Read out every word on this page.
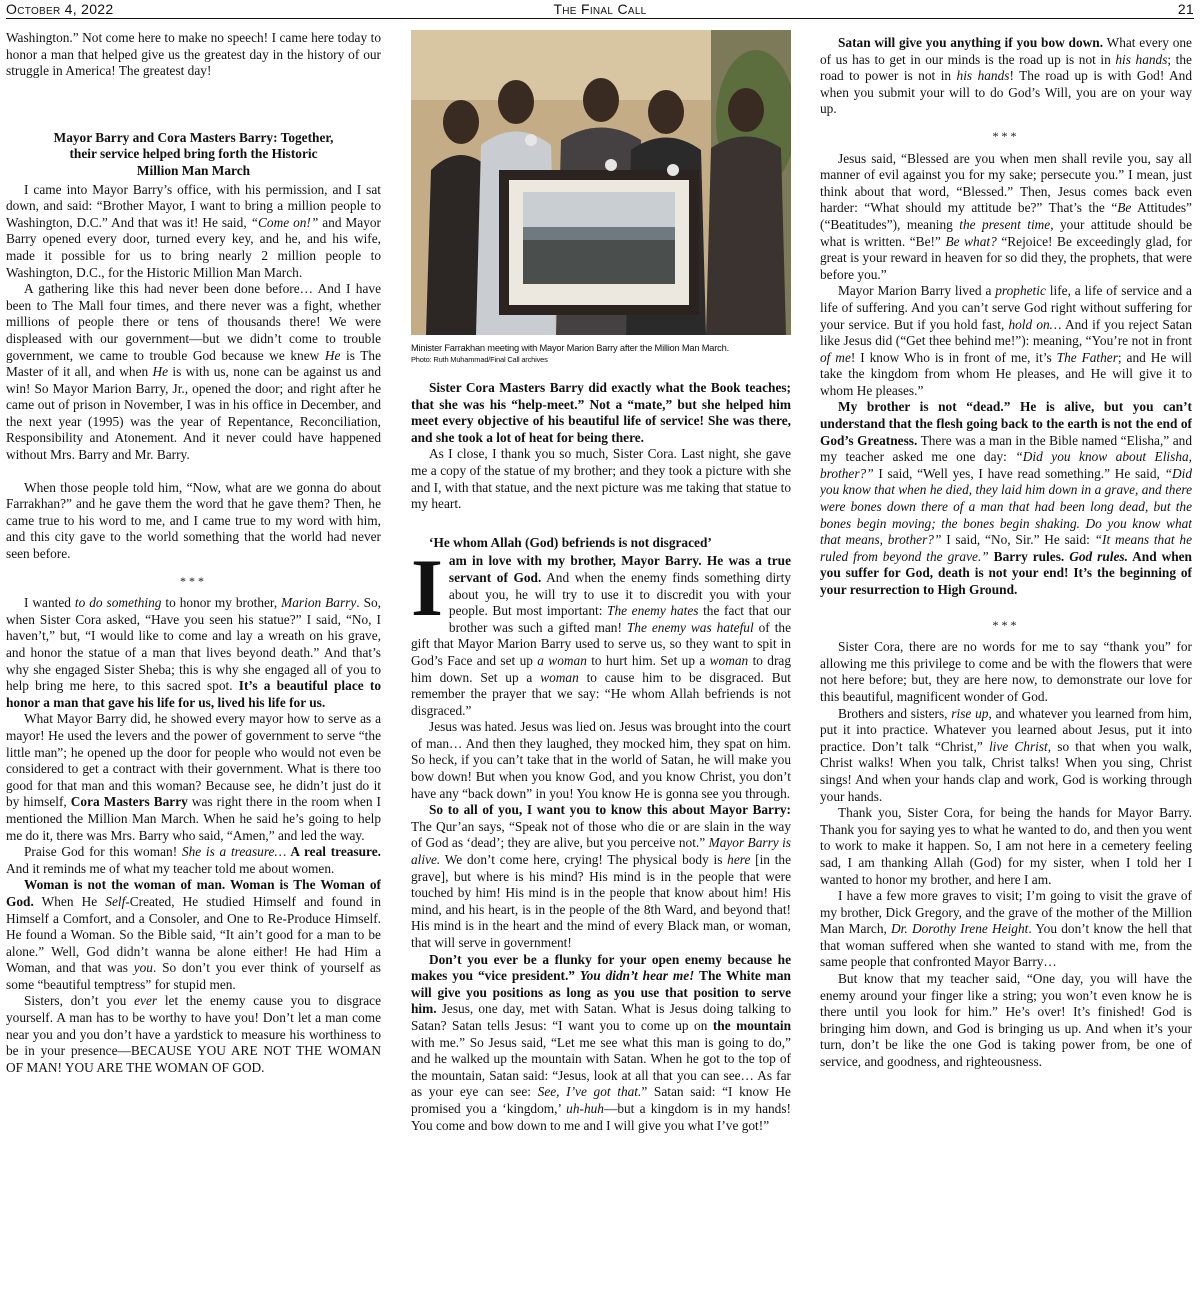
October 4, 2022	The Final Call	21

Washington.” Not come here to make no speech! I came here today to honor a man that helped give us the greatest day in the history of our struggle in America! The greatest day!

Mayor Barry and Cora Masters Barry: Together,
their service helped bring forth the Historic
Million Man March

I came into Mayor Barry’s office, with his permission, and I sat down, and said: “Brother Mayor, I want to bring a million people to Washington, D.C.” And that was it! He said, “Come on!” and Mayor Barry opened every door, turned every key, and he, and his wife, made it possible for us to bring nearly 2 million people to Washington, D.C., for the Historic Million Man March.

A gathering like this had never been done before… And I have been to The Mall four times, and there never was a fight, whether millions of people there or tens of thousands there! We were displeased with our government—but we didn’t come to trouble government, we came to trouble God because we knew He is The Master of it all, and when He is with us, none can be against us and win! So Mayor Marion Barry, Jr., opened the door; and right after he came out of prison in November, I was in his office in December, and the next year (1995) was the year of Repentance, Reconciliation, Responsibility and Atonement. And it never could have happened without Mrs. Barry and Mr. Barry.

When those people told him, “Now, what are we gonna do about Farrakhan?” and he gave them the word that he gave them? Then, he came true to his word to me, and I came true to my word with him, and this city gave to the world something that the world had never seen before.

***

I wanted to do something to honor my brother, Marion Barry. So, when Sister Cora asked, “Have you seen his statue?” I said, “No, I haven’t,” but, “I would like to come and lay a wreath on his grave, and honor the statue of a man that lives beyond death.” And that’s why she engaged Sister Sheba; this is why she engaged all of you to help bring me here, to this sacred spot. It’s a beautiful place to honor a man that gave his life for us, lived his life for us.

What Mayor Barry did, he showed every mayor how to serve as a mayor! He used the levers and the power of government to serve “the little man”; he opened up the door for people who would not even be considered to get a contract with their government. What is there too good for that man and this woman? Because see, he didn’t just do it by himself, Cora Masters Barry was right there in the room when I mentioned the Million Man March. When he said he’s going to help me do it, there was Mrs. Barry who said, “Amen,” and led the way.

Praise God for this woman! She is a treasure… A real treasure. And it reminds me of what my teacher told me about women.

Woman is not the woman of man. Woman is The Woman of God. When He Self-Created, He studied Himself and found in Himself a Comfort, and a Consoler, and One to Re-Produce Himself. He found a Woman. So the Bible said, “It ain’t good for a man to be alone.” Well, God didn’t wanna be alone either! He had Him a Woman, and that was you. So don’t you ever think of yourself as some “beautiful temptress” for stupid men.

Sisters, don’t you ever let the enemy cause you to disgrace yourself. A man has to be worthy to have you! Don’t let a man come near you and you don’t have a yardstick to measure his worthiness to be in your presence—BECAUSE YOU ARE NOT THE WOMAN OF MAN! YOU ARE THE WOMAN OF GOD.

Minister Farrakhan meeting with Mayor Marion Barry after the Million Man March.
Photo: Ruth Muhammad/Final Call archives

Sister Cora Masters Barry did exactly what the Book teaches; that she was his “help-meet.” Not a “mate,” but she helped him meet every objective of his beautiful life of service! She was there, and she took a lot of heat for being there.

As I close, I thank you so much, Sister Cora. Last night, she gave me a copy of the statue of my brother; and they took a picture with she and I, with that statue, and the next picture was me taking that statue to my heart.

‘He whom Allah (God) befriends is not disgraced’

Iam in love with my brother, Mayor Barry. He was a true servant of God. And when the enemy finds something dirty about you, he will try to use it to discredit you with your people. But most important: The enemy hates the fact that our brother was such a gifted man! The enemy was hateful of the gift that Mayor Marion Barry used to serve us, so they want to spit in God’s Face and set up a woman to hurt him. Set up a woman to drag him down. Set up a woman to cause him to be disgraced. But remember the prayer that we say: “He whom Allah befriends is not disgraced.”

Jesus was hated. Jesus was lied on. Jesus was brought into the court of man… And then they laughed, they mocked him, they spat on him. So heck, if you can’t take that in the world of Satan, he will make you bow down! But when you know God, and you know Christ, you don’t have any “back down” in you! You know He is gonna see you through.

So to all of you, I want you to know this about Mayor Barry: The Qur’an says, “Speak not of those who die or are slain in the way of God as ‘dead’; they are alive, but you perceive not.” Mayor Barry is alive. We don’t come here, crying! The physical body is here [in the grave], but where is his mind? His mind is in the people that were touched by him! His mind is in the people that know about him! His mind, and his heart, is in the people of the 8th Ward, and beyond that! His mind is in the heart and the mind of every Black man, or woman, that will serve in government!

Don’t you ever be a flunky for your open enemy because he makes you “vice president.” You didn’t hear me! The White man will give you positions as long as you use that position to serve him. Jesus, one day, met with Satan. What is Jesus doing talking to Satan? Satan tells Jesus: “I want you to come up on the mountain with me.” So Jesus said, “Let me see what this man is going to do,” and he walked up the mountain with Satan. When he got to the top of the mountain, Satan said: “Jesus, look at all that you can see… As far as your eye can see: See, I’ve got that.” Satan said: “I know He promised you a ‘kingdom,’ uh-huh—but a kingdom is in my hands! You come and bow down to me and I will give you what I’ve got!”

Satan will give you anything if you bow down. What every one of us has to get in our minds is the road up is not in his hands; the road to power is not in his hands! The road up is with God! And when you submit your will to do God’s Will, you are on your way up.

***

Jesus said, “Blessed are you when men shall revile you, say all manner of evil against you for my sake; persecute you.” I mean, just think about that word, “Blessed.” Then, Jesus comes back even harder: “What should my attitude be?” That’s the “Be Attitudes” (“Beatitudes”), meaning the present time, your attitude should be what is written. “Be!” Be what? “Rejoice! Be exceedingly glad, for great is your reward in heaven for so did they, the prophets, that were before you.”

Mayor Marion Barry lived a prophetic life, a life of service and a life of suffering. And you can’t serve God right without suffering for your service. But if you hold fast, hold on… And if you reject Satan like Jesus did (“Get thee behind me!”): meaning, “You’re not in front of me! I know Who is in front of me, it’s The Father; and He will take the kingdom from whom He pleases, and He will give it to whom He pleases.”

My brother is not “dead.” He is alive, but you can’t understand that the flesh going back to the earth is not the end of God’s Greatness. There was a man in the Bible named “Elisha,” and my teacher asked me one day: “Did you know about Elisha, brother?” I said, “Well yes, I have read something.” He said, “Did you know that when he died, they laid him down in a grave, and there were bones down there of a man that had been long dead, but the bones begin moving; the bones begin shaking. Do you know what that means, brother?” I said, “No, Sir.” He said: “It means that he ruled from beyond the grave.” Barry rules. God rules. And when you suffer for God, death is not your end! It’s the beginning of your resurrection to High Ground.

***

Sister Cora, there are no words for me to say “thank you” for allowing me this privilege to come and be with the flowers that were not here before; but, they are here now, to demonstrate our love for this beautiful, magnificent wonder of God.

Brothers and sisters, rise up, and whatever you learned from him, put it into practice. Whatever you learned about Jesus, put it into practice. Don’t talk “Christ,” live Christ, so that when you walk, Christ walks! When you talk, Christ talks! When you sing, Christ sings! And when your hands clap and work, God is working through your hands.

Thank you, Sister Cora, for being the hands for Mayor Barry. Thank you for saying yes to what he wanted to do, and then you went to work to make it happen. So, I am not here in a cemetery feeling sad, I am thanking Allah (God) for my sister, when I told her I wanted to honor my brother, and here I am.

I have a few more graves to visit; I’m going to visit the grave of my brother, Dick Gregory, and the grave of the mother of the Million Man March, Dr. Dorothy Irene Height. You don’t know the hell that that woman suffered when she wanted to stand with me, from the same people that confronted Mayor Barry…

But know that my teacher said, “One day, you will have the enemy around your finger like a string; you won’t even know he is there until you look for him.” He’s over! It’s finished! God is bringing him down, and God is bringing us up. And when it’s your turn, don’t be like the one God is taking power from, be one of service, and goodness, and righteousness.
